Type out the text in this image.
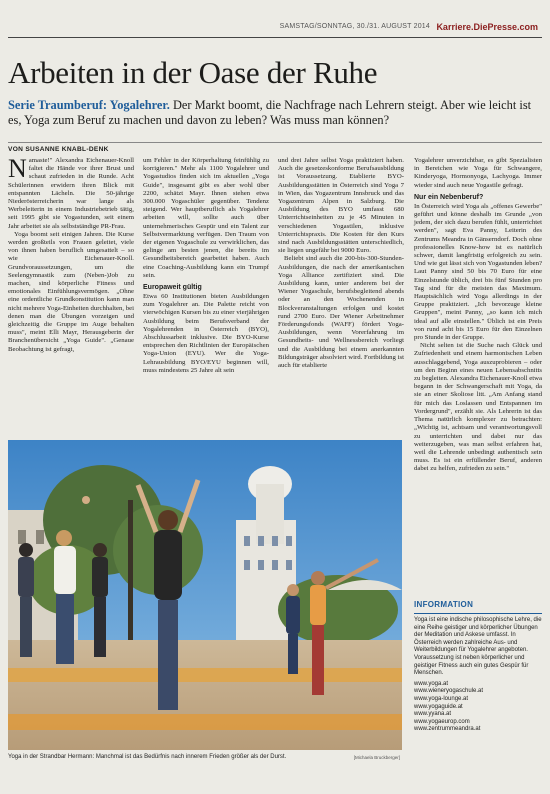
SAMSTAG/SONNTAG, 30./31. AUGUST 2014 Karriere.DiePresse.com
Arbeiten in der Oase der Ruhe

Serie Traumberuf: Yogalehrer. Der Markt boomt, die Nachfrage nach Lehrern steigt. Aber wie leicht ist es, Yoga zum Beruf zu machen und davon zu leben? Was muss man können?

VON SUSANNE KNABL-DENK

Namaste!" Alexandra Eichenauer-Knoll faltet die Hände vor ihrer Brust und schaut zufrieden in die Runde. Acht Schülerinnen erwidern ihren Blick mit entspannten Lächeln. Die 50-jährige Niederösterreicherin war lange als Werbeleiterin in einem Industriebetrieb tätig, seit 1995 gibt sie Yogastunden, seit einem Jahr arbeitet sie als selbstständige PR-Frau.

Yoga boomt seit einigen Jahren. Die Kurse werden großteils von Frauen geleitet, viele von ihnen haben beruflich umgesattelt – so wie Eichenauer-Knoll. Grundvoraussetzungen, um die Seelengymnastik zum (Neben-)Job zu machen, sind körperliche Fitness und emotionales Einfühlungsvermögen. „Ohne eine ordentliche Grundkonstitution kann man nicht mehrere Yoga-Einheiten durchhalten, bei denen man die Übungen vorzeigen und gleichzeitig die Gruppe im Auge behalten muss", meint Elli Mayr, Herausgeberin der Branchenübersicht „Yoga Guide". „Genaue Beobachtung ist gefragt,

um Fehler in der Körperhaltung feinfühlig zu korrigieren." Mehr als 1100 Yogalehrer und Yogastudios finden sich im aktuellen „Yoga Guide", insgesamt gibt es aber wohl über 2200, schätzt Mayr. Ihnen stehen etwa 300.000 Yogaschüler gegenüber. Tendenz steigend. Wer hauptberuflich als Yogalehrer arbeiten will, sollte auch über unternehmerisches Gespür und ein Talent zur Selbstvermarktung verfügen. Den Traum von der eigenen Yogaschule zu verwirklichen, das gelinge am besten jenen, die bereits im Gesundheitsbereich gearbeitet haben. Auch eine Coaching-Ausbildung kann ein Trumpf sein.

Europaweit gültig

Etwa 60 Institutionen bieten Ausbildungen zum Yogalehrer an. Die Palette reicht von vierwöchigen Kursen bis zu einer vierjährigen Ausbildung beim Berufsverband der Yogalehrenden in Österreich (BYO), Abschlussarbeit inklusive. Die BYO-Kurse entsprechen den Richtlinien der Europäischen Yoga-Union (EYU). Wer die Yoga-Lehrausbildung BYO/EYU beginnen will, muss mindestens 25 Jahre alt sein

und drei Jahre selbst Yoga praktiziert haben. Auch die gesetzeskonforme Berufsausbildung ist Voraussetzung. Etablierte BYO-Ausbildungsstätten in Österreich sind Yoga 7 in Wien, das Yogazentrum Innsbruck und das Yogazentrum Alpen in Salzburg. Die Ausbildung des BYO umfasst 680 Unterrichtseinheiten zu je 45 Minuten in verschiedenen Yogastilen, inklusive Unterrichtspraxis. Die Kosten für den Kurs sind nach Ausbildungsstätten unterschiedlich, sie liegen ungefähr bei 9000 Euro.

Beliebt sind auch die 200-bis-300-Stunden-Ausbildungen, die nach der amerikanischen Yoga Alliance zertifiziert sind. Die Ausbildung kann, unter anderem bei der Wiener Yogaschule, berufsbegleitend abends oder an den Wochenenden in Blockveranstaltungen erfolgen und kostet rund 2700 Euro. Der Wiener Arbeitnehmer Förderungsfonds (WAFF) fördert Yoga-Ausbildungen, wenn Vorerfahrung im Gesundheits- und Wellnessbereich vorliegt und die Ausbildung bei einem anerkannten Bildungsträger absolviert wird. Fortbildung ist auch für etablierte

Yogalehrer unverzichtbar, es gibt Spezialisten in Bereichen wie Yoga für Schwangere, Kinderyoga, Hormonyoga, Lachyoga. Immer wieder sind auch neue Yogastile gefragt.

Nur ein Nebenberuf?

In Österreich wird Yoga als „offenes Gewerbe" geführt und könne deshalb im Grunde „von jedem, der sich dazu berufen fühlt, unterrichtet werden", sagt Eva Panny, Leiterin des Zentrums Meandra in Gänserndorf. Doch ohne professionelles Know-how ist es natürlich schwer, damit langfristig erfolgreich zu sein. Und wie gut lässt sich von Yogastunden leben? Laut Panny sind 50 bis 70 Euro für eine Einzelstunde üblich, drei bis fünf Stunden pro Tag sind für die meisten das Maximum. Hauptsächlich wird Yoga allerdings in der Gruppe praktiziert. „Ich bevorzuge kleine Gruppen", meint Panny, „so kann ich mich ideal auf alle einstellen." Üblich ist ein Preis von rund acht bis 15 Euro für den Einzelnen pro Stunde in der Gruppe.

Nicht selten ist die Suche nach Glück und Zufriedenheit und einem harmonischen Leben ausschlaggebend, Yoga auszuprobieren – oder um den Beginn eines neuen Lebensabschnitts zu begleiten. Alexandra Eichenauer-Knoll etwa begann in der Schwangerschaft mit Yoga, da sie an einer Skoliose litt. „Am Anfang stand für mich das Loslassen und Entspannen im Vordergrund", erzählt sie. Als Lehrerin ist das Thema natürlich komplexer zu betrachten: „Wichtig ist, achtsam und verantwortungsvoll zu unterrichten und dabei nur das weiterzugeben, was man selbst erfahren hat, weil die Lehrende unbedingt authentisch sein muss. Es ist ein erfüllender Beruf, anderen dabei zu helfen, zufrieden zu sein."

Yoga in der Strandbar Hermann: Manchmal ist das Bedürfnis nach innerem Frieden größer als der Durst.	[Michaela Bruckberger]
INFORMATION
Yoga ist eine indische philosophische Lehre, die eine Reihe geistiger und körperlicher Übungen der Meditation und Askese umfasst. In Österreich werden zahlreiche Aus- und Weiterbildungen für Yogalehrer angeboten. Voraussetzung ist neben körperlicher und geistiger Fitness auch ein gutes Gespür für Menschen.
www.yoga.at
www.wieneryogaschule.at
www.yoga-lounge.at
www.yogaguide.at
www.yyana.at
www.yogaeurop.com
www.zentrummeandra.at
